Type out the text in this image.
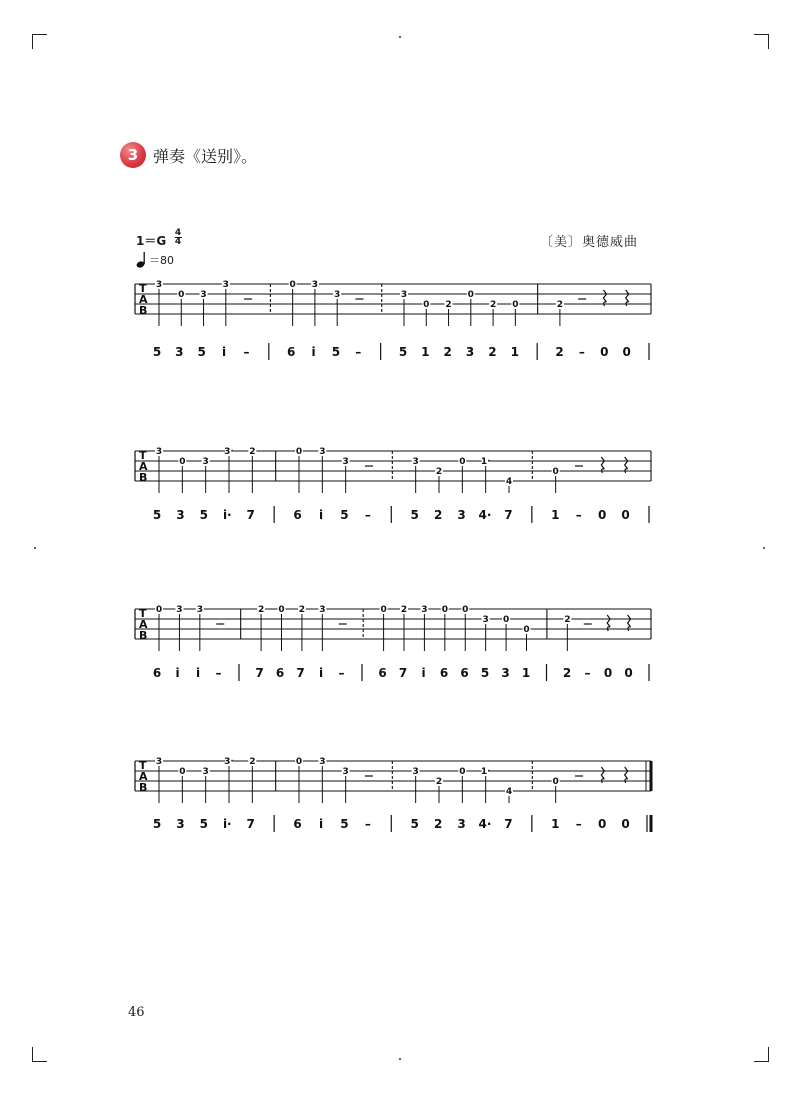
3 弹奏《送别》。
1＝G
4
4
＝80
〔美〕奥德威曲
46
T
A
B
3
0 3
3	0 3
3	3
0 2
0
2 0	2
5 3 5 i –	6 i 5 –	5 1 2 3 2 1	2 – 0 0
T
A
B
3
0 3
3· 2	0 3
3	3
2
0 1·
4
0
5 3 5 i· 7	6 i 5 –	5 2 3 4· 7	1 – 0 0
T
A
B
0 3 3	2 0 2 3	0 2 3 0 0
3 0
0
2
6 i i –	7 6 7 i –	6 7 i 6 6 5 3 1	2 – 0 0
T
A
B
3
0 3
3· 2	0 3
3	3
2
0 1·
4
0
5 3 5 i· 7	6 i 5 –	5 2 3 4· 7	1 – 0 0
